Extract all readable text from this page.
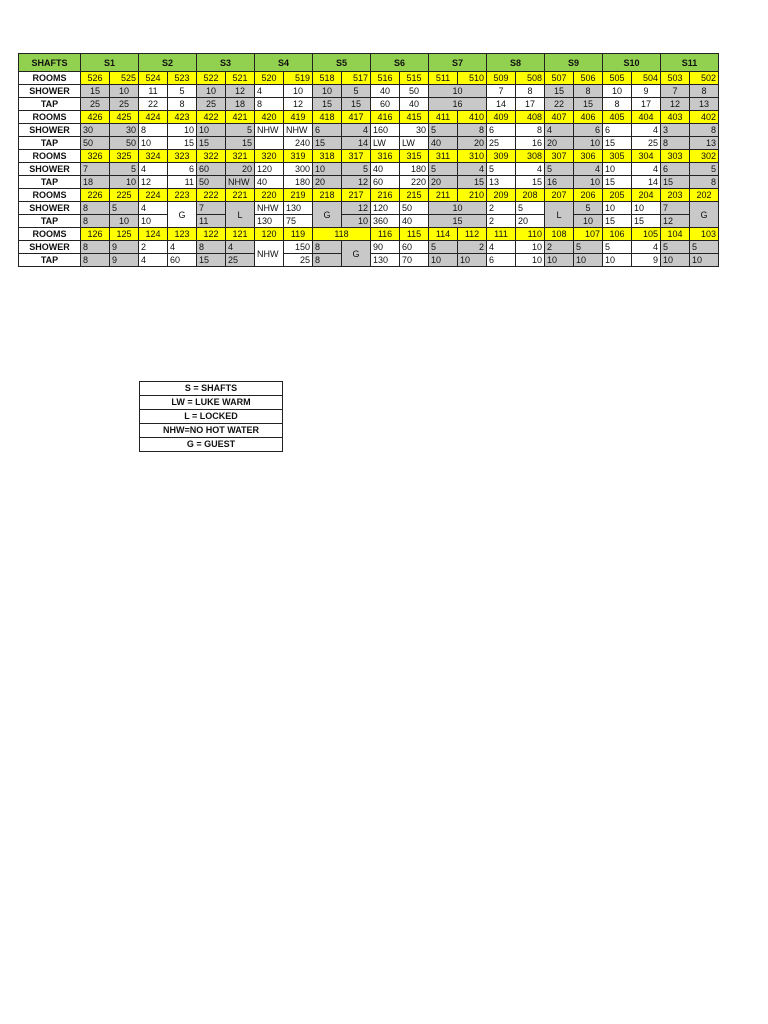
SHAFTS	S1		S2		S3		S4		S5		S6		S7		S8		S9		S10		S11	
ROOMS	526	525	524	523	522	521	520	519	518	517	516	515	511	510	509	508	507	506	505	504	503	502
SHOWER	15	10	11	5	10	12	4	10	10	5	40	50	10		7	8	15	8	10	9	7	8
TAP	25	25	22	8	25	18	8	12	15	15	60	40	16		14	17	22	15	8	17	12	13
ROOMS	426	425	424	423	422	421	420	419	418	417	416	415	411	410	409	408	407	406	405	404	403	402
SHOWER	30	30	8	10	10	5	NHW	NHW	6	4	160	30	5	8	6	8	4	6	6	4	3	8
TAP	50	50	10	15	15	15		240	15	14	LW	LW	40	20	25	16	20	10	15	25	8	13
ROOMS	326	325	324	323	322	321	320	319	318	317	316	315	311	310	309	308	307	306	305	304	303	302
SHOWER	7	5	4	6	60	20	120	300	10	5	40	180	5	4	5	4	5	4	10	4	6	5
TAP	18	10	12	11	50	NHW	40	180	20	12	60	220	20	15	13	15	16	10	15	14	15	8
ROOMS	226	225	224	223	222	221	220	219	218	217	216	215	211	210	209	208	207	206	205	204	203	202
SHOWER	8	5	4	G	7	L	NHW	130	G	12	120	50	10		2	5	L	5	10	10	7	G
TAP	8	10	10		11		130	75		10	360	40	15		2	20		10	15	15	12	
ROOMS	126	125	124	123	122	121	120	119	118		116	115	114	112	111	110	108	107	106	105	104	103
SHOWER	8	9	2	4	8	4	NHW	150	8	G	90	60	5	2	4	10	2	5	5	4	5	5
TAP	8	9	4	60	15	25		25	8		130	70	10	10	6	10	10	10	10	9	10	10
S = SHAFTS
LW = LUKE WARM
L = LOCKED
NHW=NO HOT WATER
G = GUEST
